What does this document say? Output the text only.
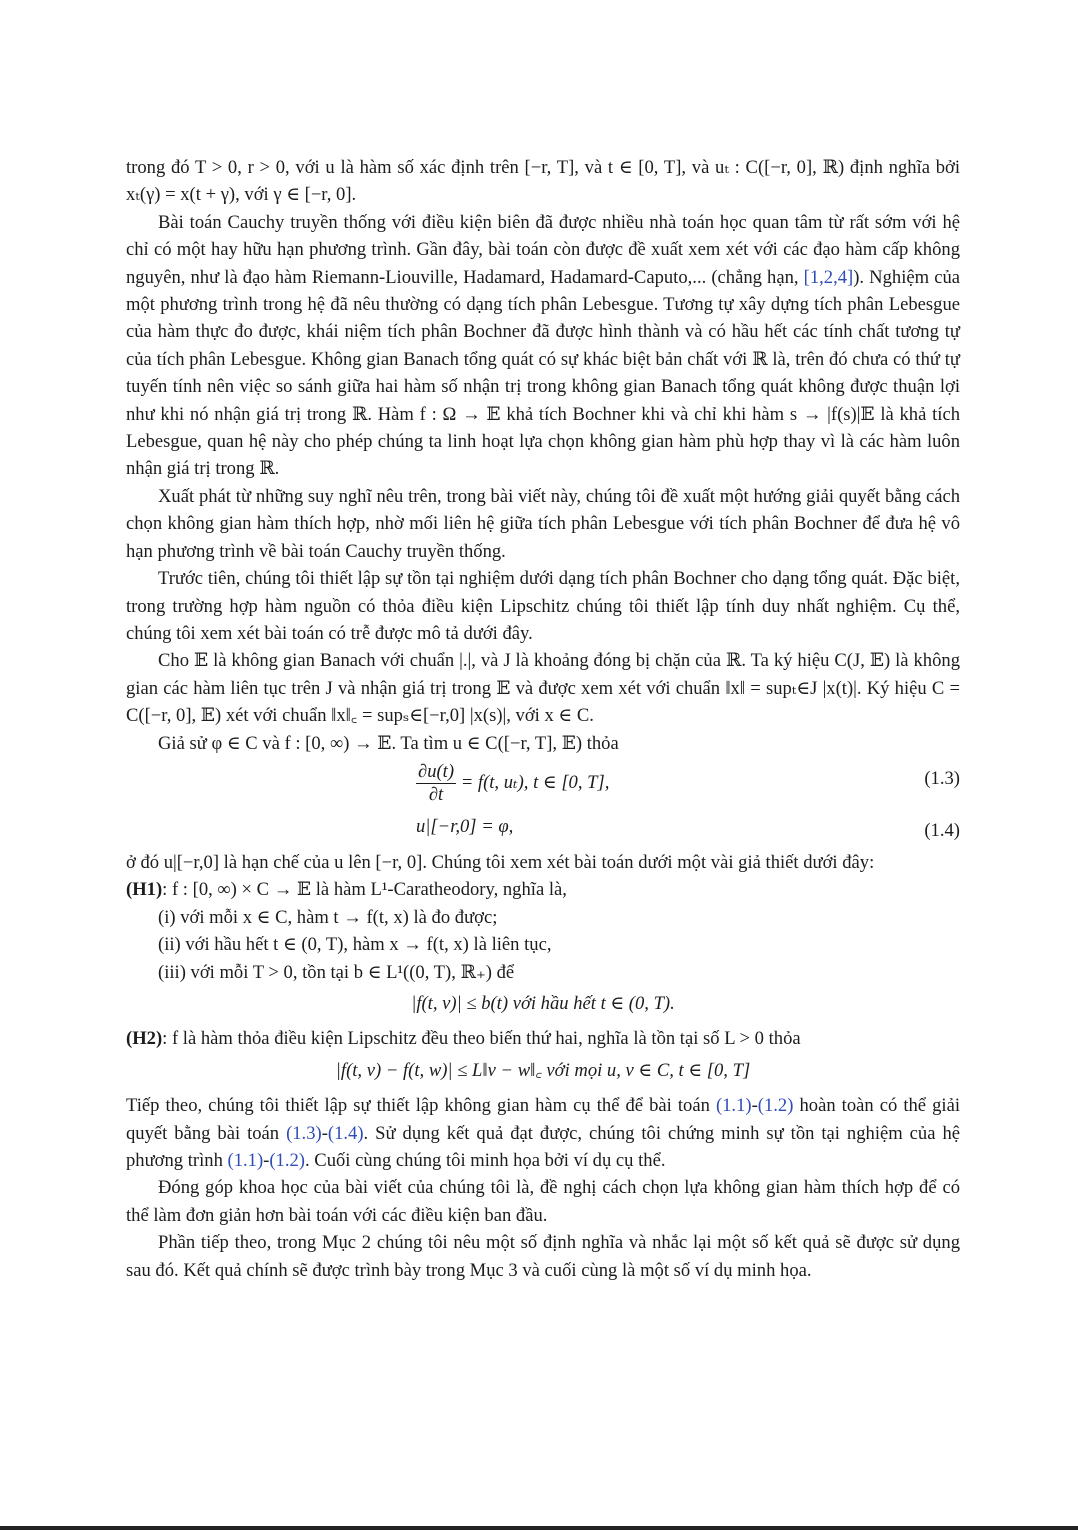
trong đó T > 0, r > 0, với u là hàm số xác định trên [−r, T], và t ∈ [0, T], và uₜ : C([−r, 0], ℝ) định nghĩa bởi xₜ(γ) = x(t + γ), với γ ∈ [−r, 0].

Bài toán Cauchy truyền thống với điều kiện biên đã được nhiều nhà toán học quan tâm từ rất sớm với hệ chỉ có một hay hữu hạn phương trình. Gần đây, bài toán còn được đề xuất xem xét với các đạo hàm cấp không nguyên, như là đạo hàm Riemann-Liouville, Hadamard, Hadamard-Caputo,... (chẳng hạn, [1,2,4]). Nghiệm của một phương trình trong hệ đã nêu thường có dạng tích phân Lebesgue. Tương tự xây dựng tích phân Lebesgue của hàm thực đo được, khái niệm tích phân Bochner đã được hình thành và có hầu hết các tính chất tương tự của tích phân Lebesgue. Không gian Banach tổng quát có sự khác biệt bản chất với ℝ là, trên đó chưa có thứ tự tuyến tính nên việc so sánh giữa hai hàm số nhận trị trong không gian Banach tổng quát không được thuận lợi như khi nó nhận giá trị trong ℝ. Hàm f : Ω → 𝔼 khả tích Bochner khi và chỉ khi hàm s → |f(s)|𝔼 là khả tích Lebesgue, quan hệ này cho phép chúng ta linh hoạt lựa chọn không gian hàm phù hợp thay vì là các hàm luôn nhận giá trị trong ℝ.

Xuất phát từ những suy nghĩ nêu trên, trong bài viết này, chúng tôi đề xuất một hướng giải quyết bằng cách chọn không gian hàm thích hợp, nhờ mối liên hệ giữa tích phân Lebesgue với tích phân Bochner để đưa hệ vô hạn phương trình về bài toán Cauchy truyền thống.

Trước tiên, chúng tôi thiết lập sự tồn tại nghiệm dưới dạng tích phân Bochner cho dạng tổng quát. Đặc biệt, trong trường hợp hàm nguồn có thỏa điều kiện Lipschitz chúng tôi thiết lập tính duy nhất nghiệm. Cụ thể, chúng tôi xem xét bài toán có trễ được mô tả dưới đây.

Cho 𝔼 là không gian Banach với chuẩn |.|, và J là khoảng đóng bị chặn của ℝ. Ta ký hiệu C(J, 𝔼) là không gian các hàm liên tục trên J và nhận giá trị trong 𝔼 và được xem xét với chuẩn ‖x‖ = supₜ∈J |x(t)|. Ký hiệu C = C([−r, 0], 𝔼) xét với chuẩn ‖x‖꜀ = supₛ∈[−r,0] |x(s)|, với x ∈ C.

Giả sử φ ∈ C và f : [0, ∞) → 𝔼. Ta tìm u ∈ C([−r, T], 𝔼) thỏa

$\frac{\partial u(t)}{\partial t} = f(t$, uₜ), t ∈ [0, T],	(1.3)
u|[−r,0] = φ,	(1.4)

ở đó u|[−r,0] là hạn chế của u lên [−r, 0]. Chúng tôi xem xét bài toán dưới một vài giả thiết dưới đây:

(H1): f : [0, ∞) × C → 𝔼 là hàm L¹-Caratheodory, nghĩa là,

(i) với mỗi x ∈ C, hàm t → f(t, x) là đo được;

(ii) với hầu hết t ∈ (0, T), hàm x → f(t, x) là liên tục,

(iii) với mỗi T > 0, tồn tại b ∈ L¹((0, T), ℝ₊) để

|f(t, v)| ≤ b(t) với hầu hết t ∈ (0, T).

(H2): f là hàm thỏa điều kiện Lipschitz đều theo biến thứ hai, nghĩa là tồn tại số L > 0 thỏa

|f(t, v) − f(t, w)| ≤ L‖v − w‖꜀ với mọi u, v ∈ C, t ∈ [0, T]

Tiếp theo, chúng tôi thiết lập sự thiết lập không gian hàm cụ thể để bài toán (1.1)-(1.2) hoàn toàn có thể giải quyết bằng bài toán (1.3)-(1.4). Sử dụng kết quả đạt được, chúng tôi chứng minh sự tồn tại nghiệm của hệ phương trình (1.1)-(1.2). Cuối cùng chúng tôi minh họa bởi ví dụ cụ thể.

Đóng góp khoa học của bài viết của chúng tôi là, đề nghị cách chọn lựa không gian hàm thích hợp để có thể làm đơn giản hơn bài toán với các điều kiện ban đầu.

Phần tiếp theo, trong Mục 2 chúng tôi nêu một số định nghĩa và nhắc lại một số kết quả sẽ được sử dụng sau đó. Kết quả chính sẽ được trình bày trong Mục 3 và cuối cùng là một số ví dụ minh họa.
